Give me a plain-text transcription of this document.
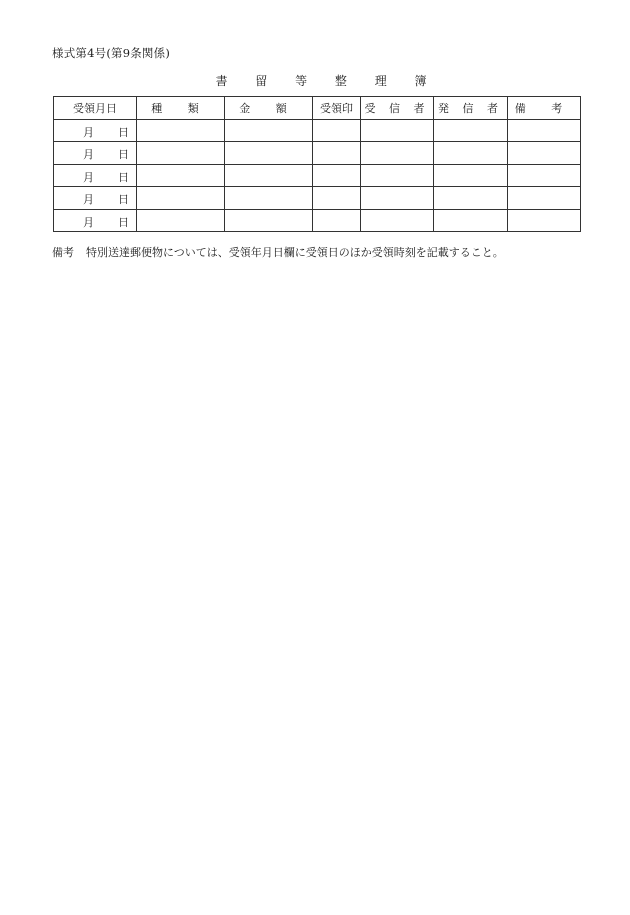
様式第4号(第9条関係)
書 留 等 整 理 簿
受領月日	種 類	金 額	受領印	受 信 者	発 信 者	備 考

月 日						

月 日						

月 日						

月 日						

月 日						

備考 特別送達郵便物については、受領年月日欄に受領日のほか受領時刻を記載すること。
